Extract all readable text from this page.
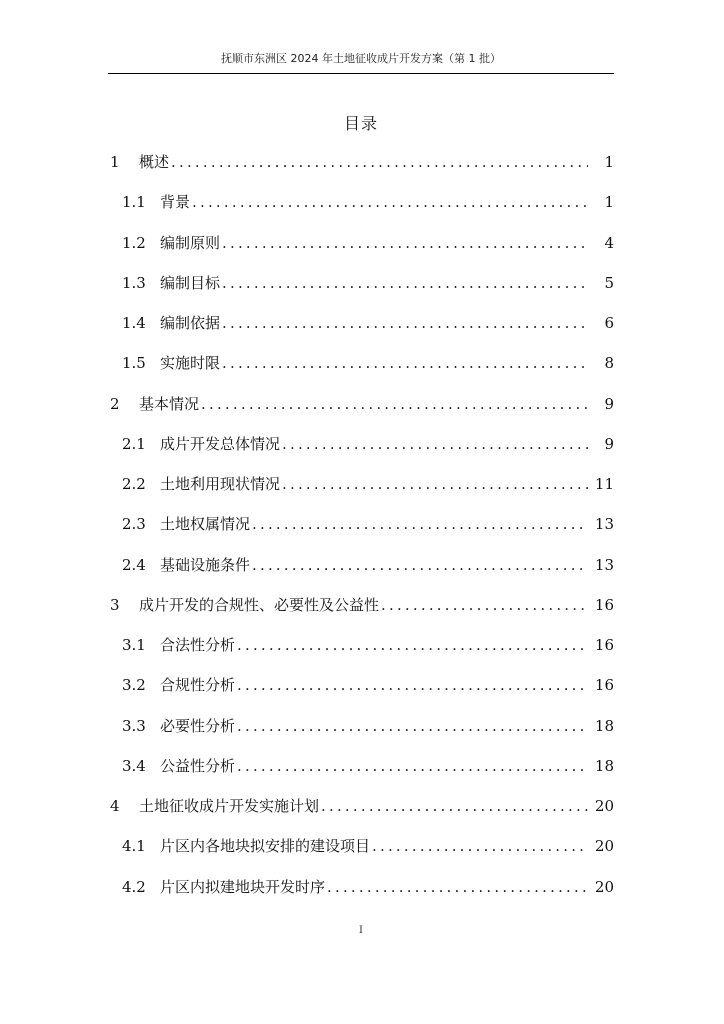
抚顺市东洲区 2024 年土地征收成片开发方案（第 1 批）
目录
1	概述 .....	1
1.1 背景 .....	1
1.2 编制原则 .....	4
1.3 编制目标 .....	5
1.4 编制依据 .....	6
1.5 实施时限 .....	8
2	基本情况 .....	9
2.1 成片开发总体情况 .....	9
2.2 土地利用现状情况 .....	11
2.3 土地权属情况 .....	13
2.4 基础设施条件 .....	13
3	成片开发的合规性、必要性及公益性 .....	16
3.1 合法性分析 .....	16
3.2 合规性分析 .....	16
3.3 必要性分析 .....	18
3.4 公益性分析 .....	18
4	土地征收成片开发实施计划 .....	20
4.1 片区内各地块拟安排的建设项目 .....	20
4.2 片区内拟建地块开发时序 .....	20
I
